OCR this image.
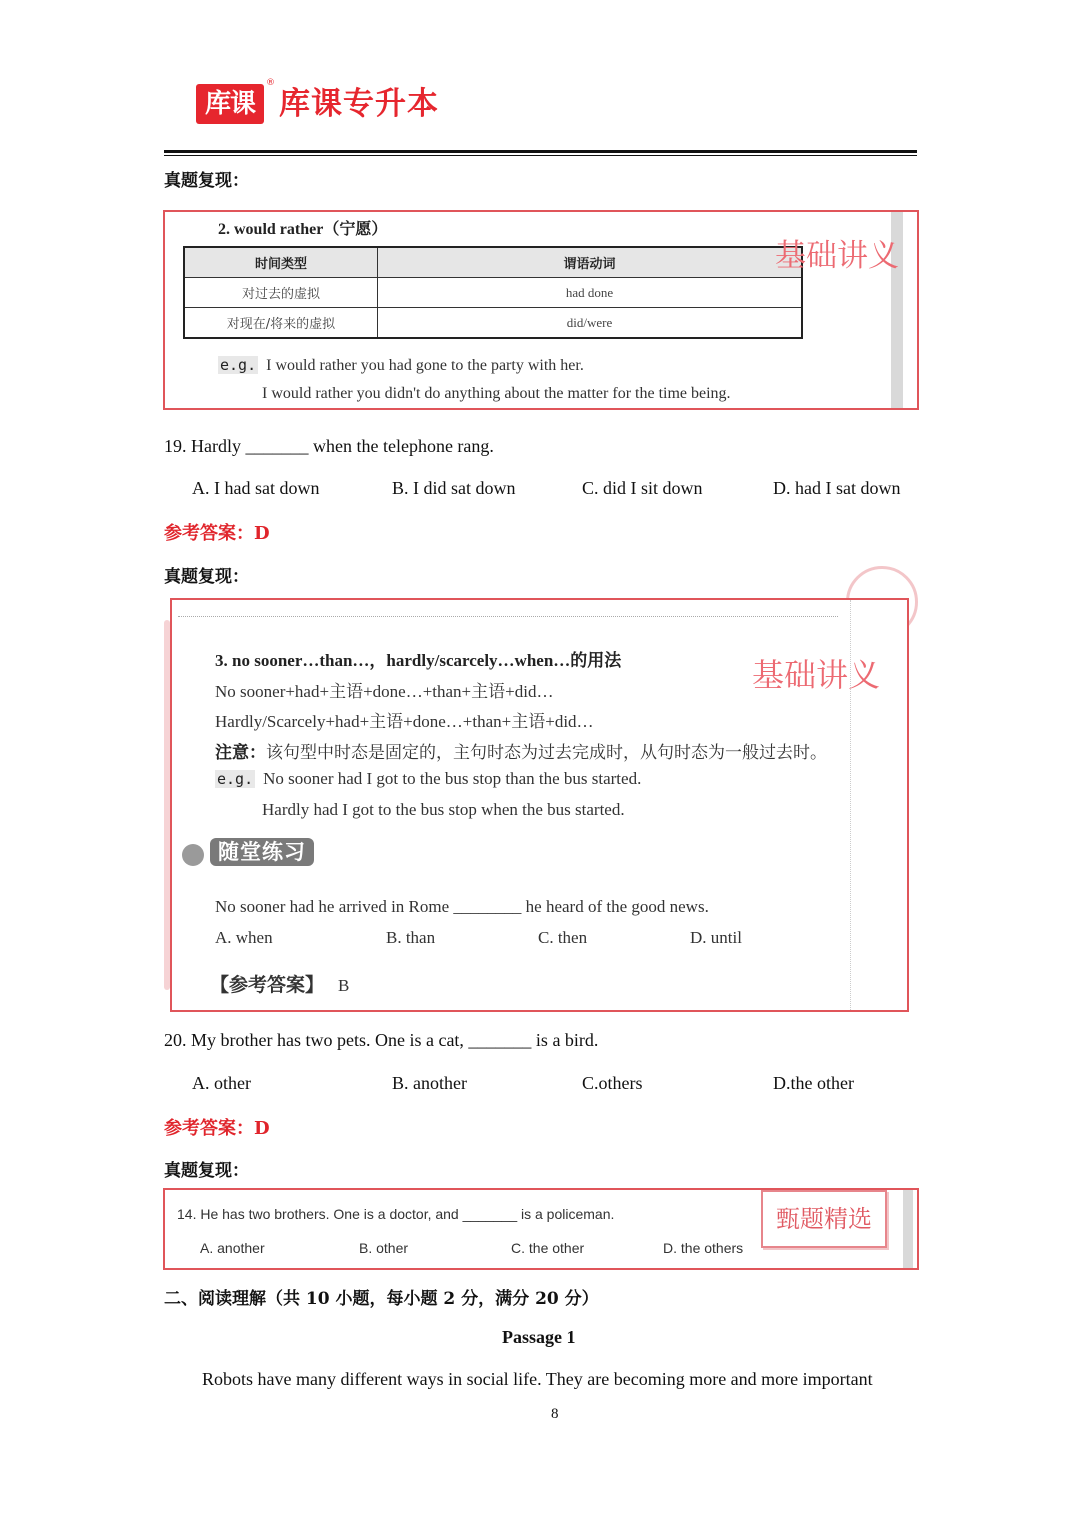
库课
®
库课专升本
真题复现：
2. would rather（宁愿）
时间类型	谓语动词
对过去的虚拟	had done
对现在/将来的虚拟	did/were
基础讲义
e.g. I would rather you had gone to the party with her.
I would rather you didn't do anything about the matter for the time being.
19. Hardly _______ when the telephone rang.
A. I had sat down	B. I did sat down	C. did I sit down	D. had I sat down
参考答案：D
真题复现：
3. no sooner…than…，hardly/scarcely…when…的用法	基础讲义
No sooner+had+主语+done…+than+主语+did…
Hardly/Scarcely+had+主语+done…+than+主语+did…
注意：该句型中时态是固定的，主句时态为过去完成时，从句时态为一般过去时。
e.g. No sooner had I got to the bus stop than the bus started.
Hardly had I got to the bus stop when the bus started.
随堂练习
No sooner had he arrived in Rome ________ he heard of the good news.
A. when	B. than	C. then	D. until
【参考答案】 B
20. My brother has two pets. One is a cat, _______ is a bird.
A. other	B. another	C.others	D.the other
参考答案：D
真题复现：
14. He has two brothers. One is a doctor, and _______ is a policeman.
A. another	B. other	C. the other	D. the others
甄题精选
二、阅读理解（共 10 小题，每小题 2 分，满分 20 分）
Passage 1
Robots have many different ways in social life. They are becoming more and more important
8
